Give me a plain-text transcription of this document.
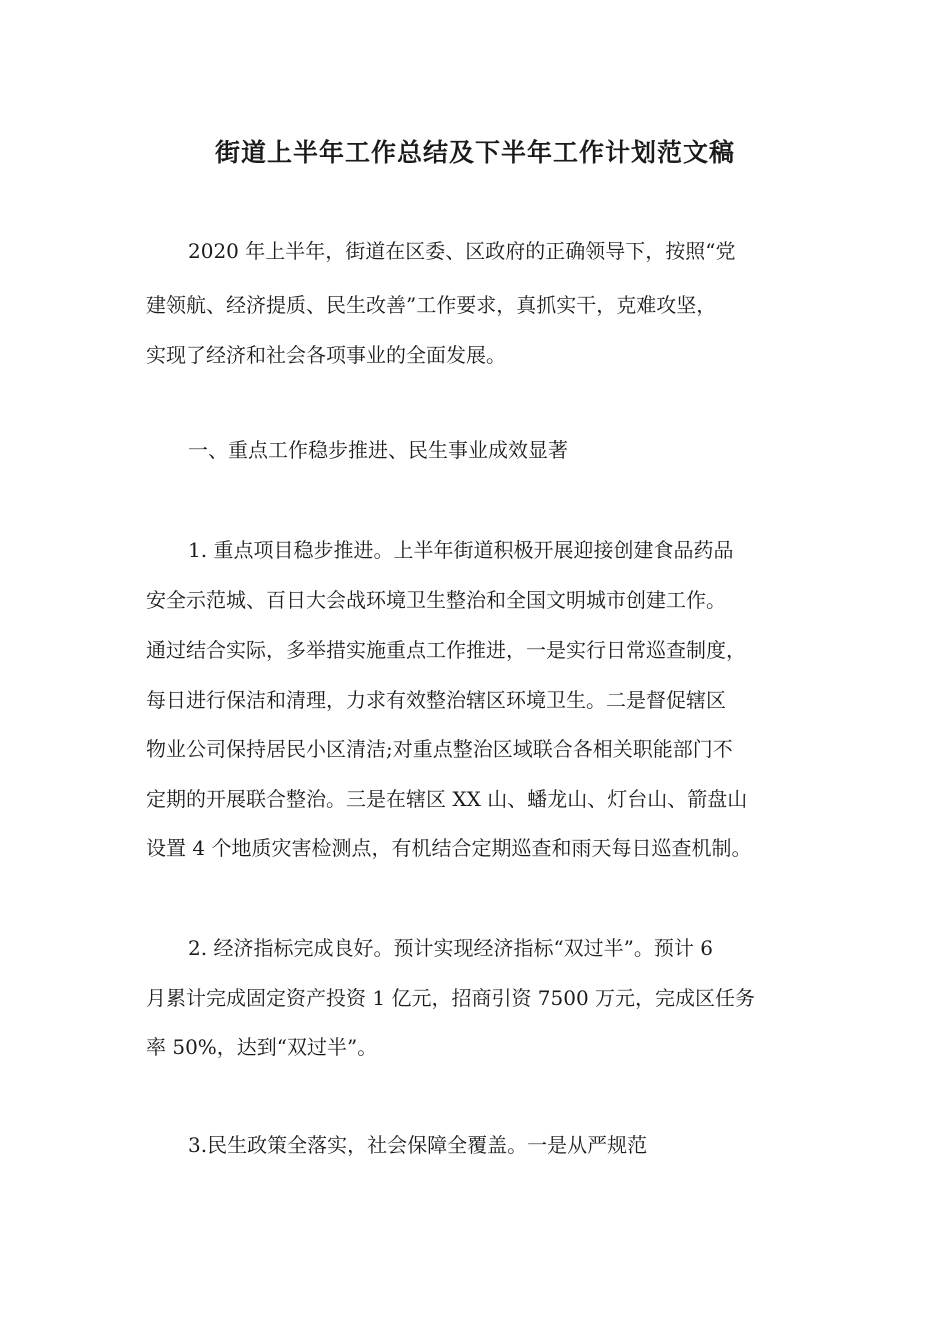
街道上半年工作总结及下半年工作计划范文稿

2020 年上半年，街道在区委、区政府的正确领导下，按照“党

建领航、经济提质、民生改善”工作要求，真抓实干，克难攻坚，

实现了经济和社会各项事业的全面发展。

一、重点工作稳步推进、民生事业成效显著

1. 重点项目稳步推进。上半年街道积极开展迎接创建食品药品

安全示范城、百日大会战环境卫生整治和全国文明城市创建工作。

通过结合实际，多举措实施重点工作推进，一是实行日常巡查制度，

每日进行保洁和清理，力求有效整治辖区环境卫生。二是督促辖区

物业公司保持居民小区清洁;对重点整治区域联合各相关职能部门不

定期的开展联合整治。三是在辖区 XX 山、蟠龙山、灯台山、箭盘山

设置 4 个地质灾害检测点，有机结合定期巡查和雨天每日巡查机制。

2. 经济指标完成良好。预计实现经济指标“双过半”。预计 6

月累计完成固定资产投资 1 亿元，招商引资 7500 万元，完成区任务

率 50%，达到“双过半”。

3.民生政策全落实，社会保障全覆盖。一是从严规范
